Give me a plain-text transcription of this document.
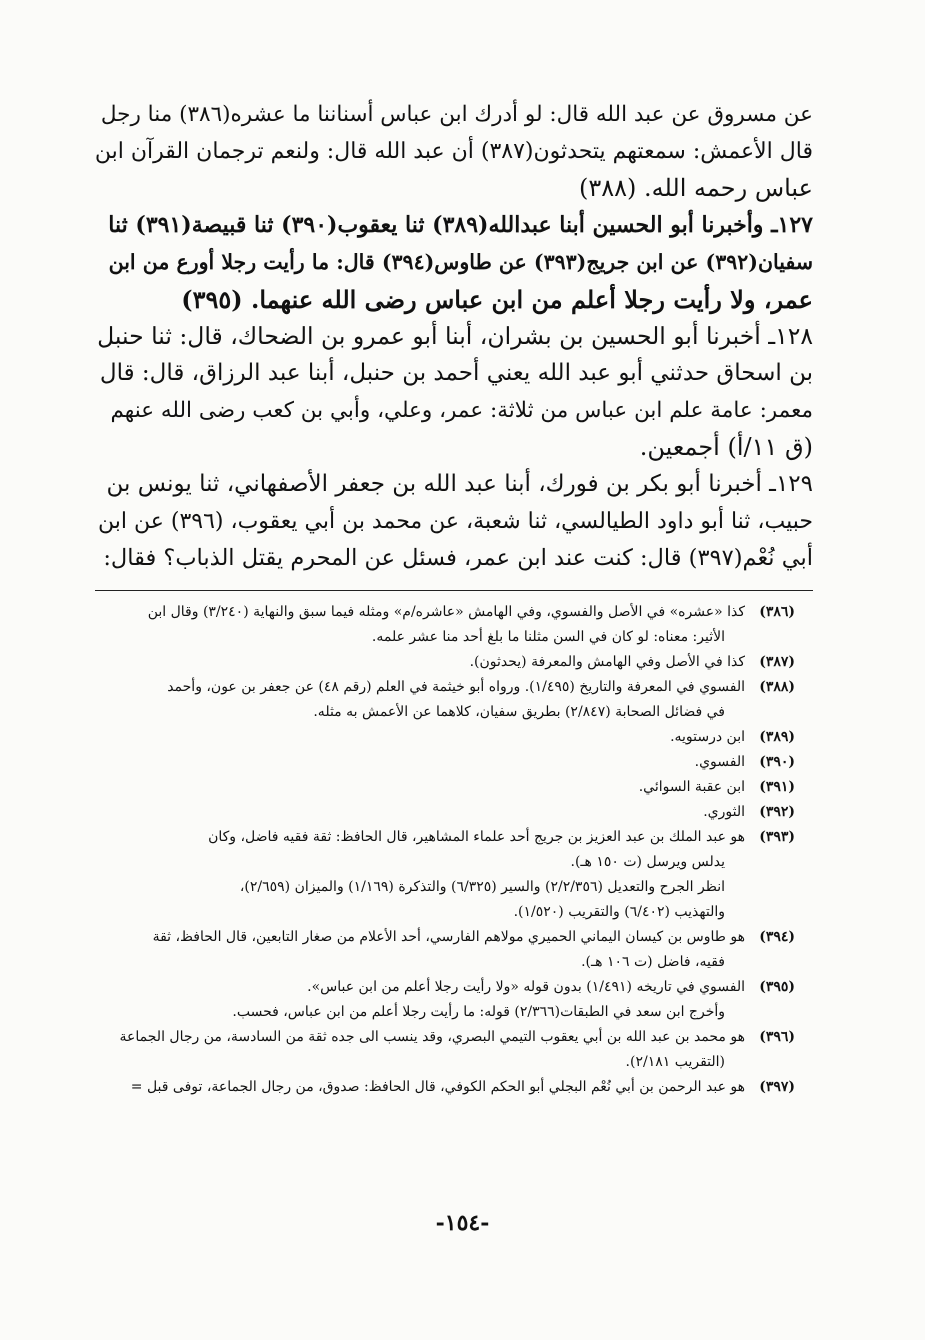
عن مسروق عن عبد الله قال: لو أدرك ابن عباس أسناننا ما عشره(٣٨٦) منا رجل
قال الأعمش: سمعتهم يتحدثون(٣٨٧) أن عبد الله قال: ولنعم ترجمان القرآن ابن
عباس رحمه الله. (٣٨٨)
١٢٧ـ وأخبرنا أبو الحسين أبنا عبدالله(٣٨٩) ثنا يعقوب(٣٩٠) ثنا قبيصة(٣٩١) ثنا
سفيان(٣٩٢) عن ابن جريج(٣٩٣) عن طاوس(٣٩٤) قال: ما رأيت رجلا أورع من ابن
عمر، ولا رأيت رجلا أعلم من ابن عباس رضى الله عنهما. (٣٩٥)
١٢٨ـ أخبرنا أبو الحسين بن بشران، أبنا أبو عمرو بن الضحاك، قال: ثنا حنبل
بن اسحاق حدثني أبو عبد الله يعني أحمد بن حنبل، أبنا عبد الرزاق، قال: قال
معمر: عامة علم ابن عباس من ثلاثة: عمر، وعلي، وأبي بن كعب رضى الله عنهم
(ق ١١/أ) أجمعين.
١٢٩ـ أخبرنا أبو بكر بن فورك، أبنا عبد الله بن جعفر الأصفهاني، ثنا يونس بن
حبيب، ثنا أبو داود الطيالسي، ثنا شعبة، عن محمد بن أبي يعقوب، (٣٩٦) عن ابن
أبي نُعْم(٣٩٧) قال: كنت عند ابن عمر، فسئل عن المحرم يقتل الذباب؟ فقال:
(٣٨٦)
كذا «عشره» في الأصل والفسوي، وفي الهامش «عاشره/م» ومثله فيما سبق والنهاية (٣/٢٤٠) وقال ابن
الأثير: معناه: لو كان في السن مثلنا ما بلغ أحد منا عشر علمه.
(٣٨٧)
كذا في الأصل وفي الهامش والمعرفة (يحدثون).
(٣٨٨)
الفسوي في المعرفة والتاريخ (١/٤٩٥). ورواه أبو خيثمة في العلم (رقم ٤٨) عن جعفر بن عون، وأحمد
في فضائل الصحابة (٢/٨٤٧) بطريق سفيان، كلاهما عن الأعمش به مثله.
(٣٨٩)
ابن درستويه.
(٣٩٠)
الفسوي.
(٣٩١)
ابن عقبة السوائي.
(٣٩٢)
الثوري.
(٣٩٣)
هو عبد الملك بن عبد العزيز بن جريج أحد علماء المشاهير، قال الحافظ: ثقة فقيه فاضل، وكان
يدلس ويرسل (ت ١٥٠ هـ).
انظر الجرح والتعديل (٢/٢/٣٥٦) والسير (٦/٣٢٥) والتذكرة (١/١٦٩) والميزان (٢/٦٥٩)،
والتهذيب (٦/٤٠٢) والتقريب (١/٥٢٠).
(٣٩٤)
هو طاوس بن كيسان اليماني الحميري مولاهم الفارسي، أحد الأعلام من صغار التابعين، قال الحافظ، ثقة
فقيه، فاضل (ت ١٠٦ هـ).
(٣٩٥)
الفسوي في تاريخه (١/٤٩١) بدون قوله «ولا رأيت رجلا أعلم من ابن عباس».
وأخرج ابن سعد في الطبقات(٢/٣٦٦) قوله: ما رأيت رجلا أعلم من ابن عباس، فحسب.
(٣٩٦)
هو محمد بن عبد الله بن أبي يعقوب التيمي البصري، وقد ينسب الى جده ثقة من السادسة، من رجال الجماعة
(التقريب ٢/١٨١).
(٣٩٧)
هو عبد الرحمن بن أبي نُعْم البجلي أبو الحكم الكوفي، قال الحافظ: صدوق، من رجال الجماعة، توفى قبل =
-١٥٤-
